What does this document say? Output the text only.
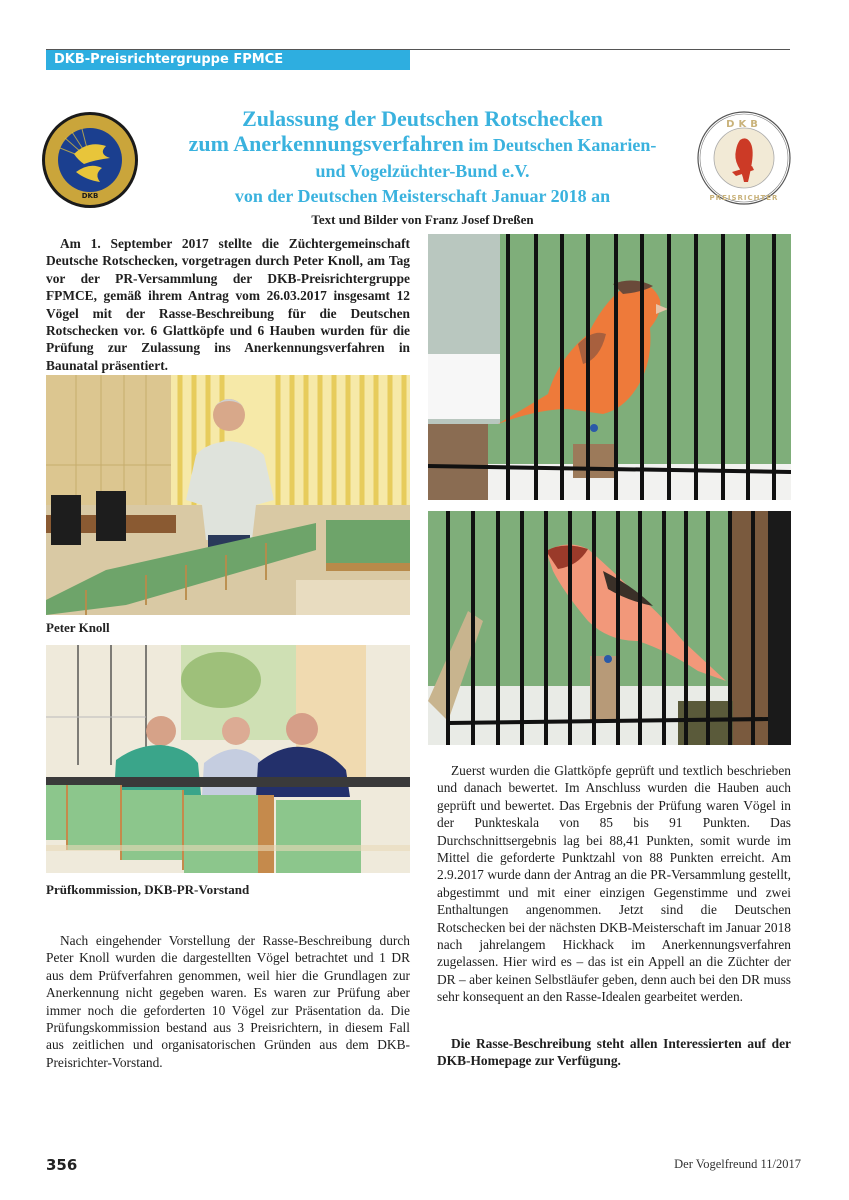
DKB-Preisrichtergruppe FPMCE
DKB
Zulassung der Deutschen Rotschecken
zum Anerkennungsverfahren im Deutschen Kanarien-
und Vogelzüchter-Bund e.V.
von der Deutschen Meisterschaft Januar 2018 an
Text und Bilder von Franz Josef Dreßen
DKB
PREISRICHTER

Am 1. September 2017 stellte die Züchtergemeinschaft Deutsche Rotschecken, vorgetragen durch Peter Knoll, am Tag vor der PR-Versammlung der DKB-Preisrichtergruppe FPMCE, gemäß ihrem Antrag vom 26.03.2017 insgesamt 12 Vögel mit der Rasse-Beschreibung für die Deutschen Rotschecken vor. 6 Glattköpfe und 6 Hauben wurden für die Prüfung zur Zulassung ins Anerkennungsverfahren in Baunatal präsentiert.

Peter Knoll
Prüfkommission, DKB-PR-Vorstand

Nach eingehender Vorstellung der Rasse-Beschreibung durch Peter Knoll wurden die dargestellten Vögel betrachtet und 1 DR aus dem Prüfverfahren genommen, weil hier die Grundlagen zur Anerkennung nicht gegeben waren. Es waren zur Prüfung aber immer noch die geforderten 10 Vögel zur Präsentation da. Die Prüfungskommission bestand aus 3 Preisrichtern, in diesem Fall aus zeitlichen und organisatorischen Gründen aus dem DKB-Preisrichter-Vorstand.

Zuerst wurden die Glattköpfe geprüft und textlich beschrieben und danach bewertet. Im Anschluss wurden die Hauben auch geprüft und bewertet. Das Ergebnis der Prüfung waren Vögel in der Punkteskala von 85 bis 91 Punkten. Das Durchschnittsergebnis lag bei 88,41 Punkten, somit wurde im Mittel die geforderte Punktzahl von 88 Punkten erreicht. Am 2.9.2017 wurde dann der Antrag an die PR-Versammlung gestellt, abgestimmt und mit einer einzigen Gegenstimme und zwei Enthaltungen angenommen. Jetzt sind die Deutschen Rotschecken bei der nächsten DKB-Meisterschaft im Januar 2018 nach jahrelangem Hickhack im Anerkennungsverfahren zugelassen. Hier wird es – das ist ein Appell an die Züchter der DR – aber keinen Selbstläufer geben, denn auch bei den DR muss sehr konsequent an den Rasse-Idealen gearbeitet werden.

Die Rasse-Beschreibung steht allen Interessierten auf der DKB-Homepage zur Verfügung.

356	Der Vogelfreund 11/2017
